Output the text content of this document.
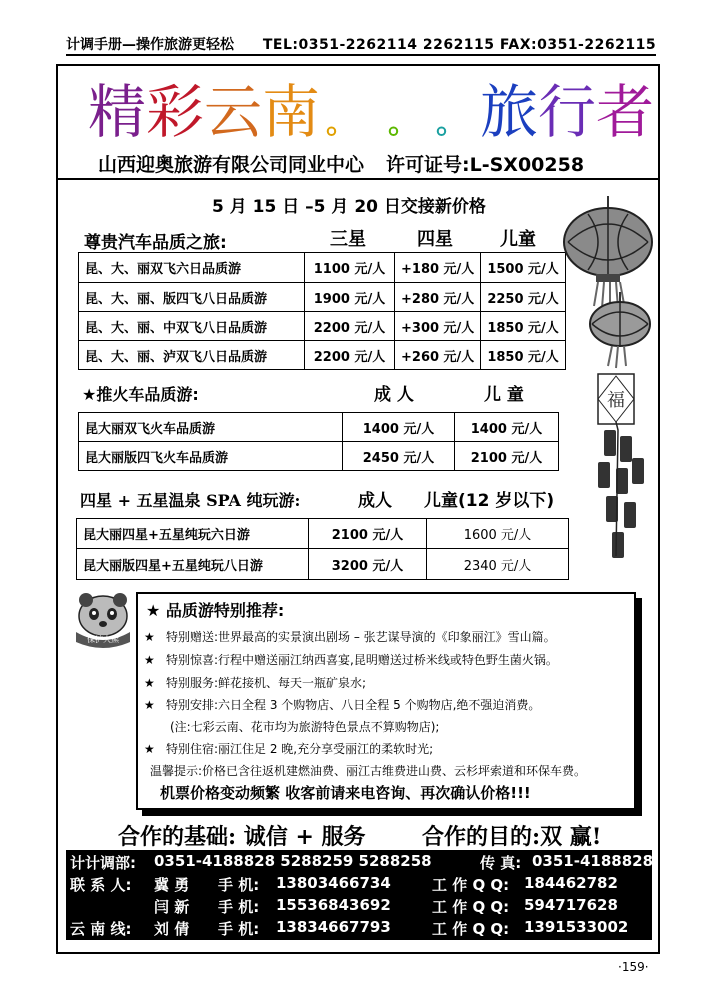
计调手册—操作旅游更轻松 TEL:0351-2262114 2262115 FAX:0351-2262115
精 彩 云 南 。 。 。 旅 行 者
山西迎奥旅游有限公司同业中心 许可证号:L-SX00258
5 月 15 日 –5 月 20 日交接新价格
尊贵汽车品质之旅:	三星	四星	儿童
昆、大、丽双飞六日品质游	1100 元/人	+180 元/人	1500 元/人
昆、大、丽、版四飞八日品质游	1900 元/人	+280 元/人	2250 元/人
昆、大、丽、中双飞八日品质游	2200 元/人	+300 元/人	1850 元/人
昆、大、丽、泸双飞八日品质游	2200 元/人	+260 元/人	1850 元/人
★推火车品质游:	成 人	儿 童
昆大丽双飞火车品质游	1400 元/人	1400 元/人
昆大丽版四飞火车品质游	2450 元/人	2100 元/人
四星 + 五星温泉 SPA 纯玩游:	成人 儿童(12 岁以下)
昆大丽四星+五星纯玩六日游	2100 元/人	1600 元/人
昆大丽版四星+五星纯玩八日游	3200 元/人	2340 元/人
福
保护大熊
★ 品质游特别推荐:
★ 特别赠送:世界最高的实景演出剧场 – 张艺谋导演的《印象丽江》雪山篇。
★ 特别惊喜:行程中赠送丽江纳西喜宴,昆明赠送过桥米线或特色野生菌火锅。
★ 特别服务:鲜花接机、每天一瓶矿泉水;
★ 特别安排:六日全程 3 个购物店、八日全程 5 个购物店,绝不强迫消费。
(注:七彩云南、花市均为旅游特色景点不算购物店);
★ 特别住宿:丽江住足 2 晚,充分享受丽江的柔软时光;
温馨提示:价格已含往返机建燃油费、丽江古维费进山费、云杉坪索道和环保车费。
机票价格变动频繁 收客前请来电咨询、再次确认价格!!!
合作的基础: 诚信 + 服务	合作的目的:双 赢!
计计调部: 0351-4188828 5288259 5288258	传 真: 0351-4188828
联 系 人: 冀 勇 手 机: 13803466734	工 作 Q Q: 184462782
闫 新 手 机: 15536843692	工 作 Q Q: 594717628
云 南 线: 刘 倩 手 机: 13834667793	工 作 Q Q: 1391533002
·159·
